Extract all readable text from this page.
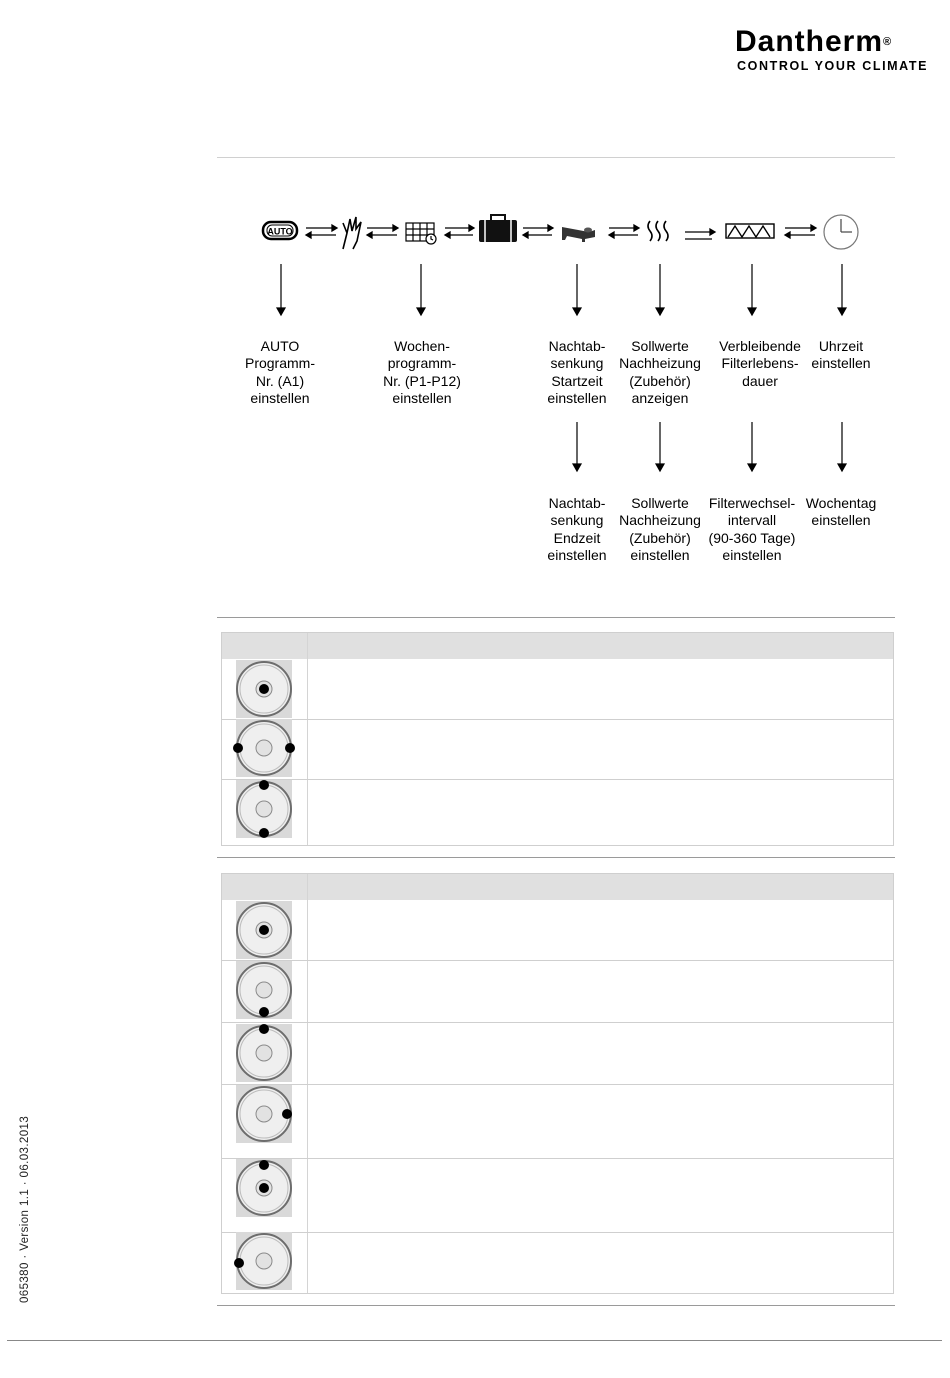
Dantherm®
CONTROL YOUR CLIMATE
AUTO
AUTO
Programm-
Nr. (A1)
einstellen
Wochen-
programm-
Nr. (P1-P12)
einstellen
Nachtab-
senkung
Startzeit
einstellen
Sollwerte
Nachheizung
(Zubehör)
anzeigen
Verbleibende
Filterlebens-
dauer
Uhrzeit
einstellen
Nachtab-
senkung
Endzeit
einstellen
Sollwerte
Nachheizung
(Zubehör)
einstellen
Filterwechsel-
intervall
(90-360 Tage)
einstellen
Wochentag
einstellen
065380 · Version 1.1 · 06.03.2013
